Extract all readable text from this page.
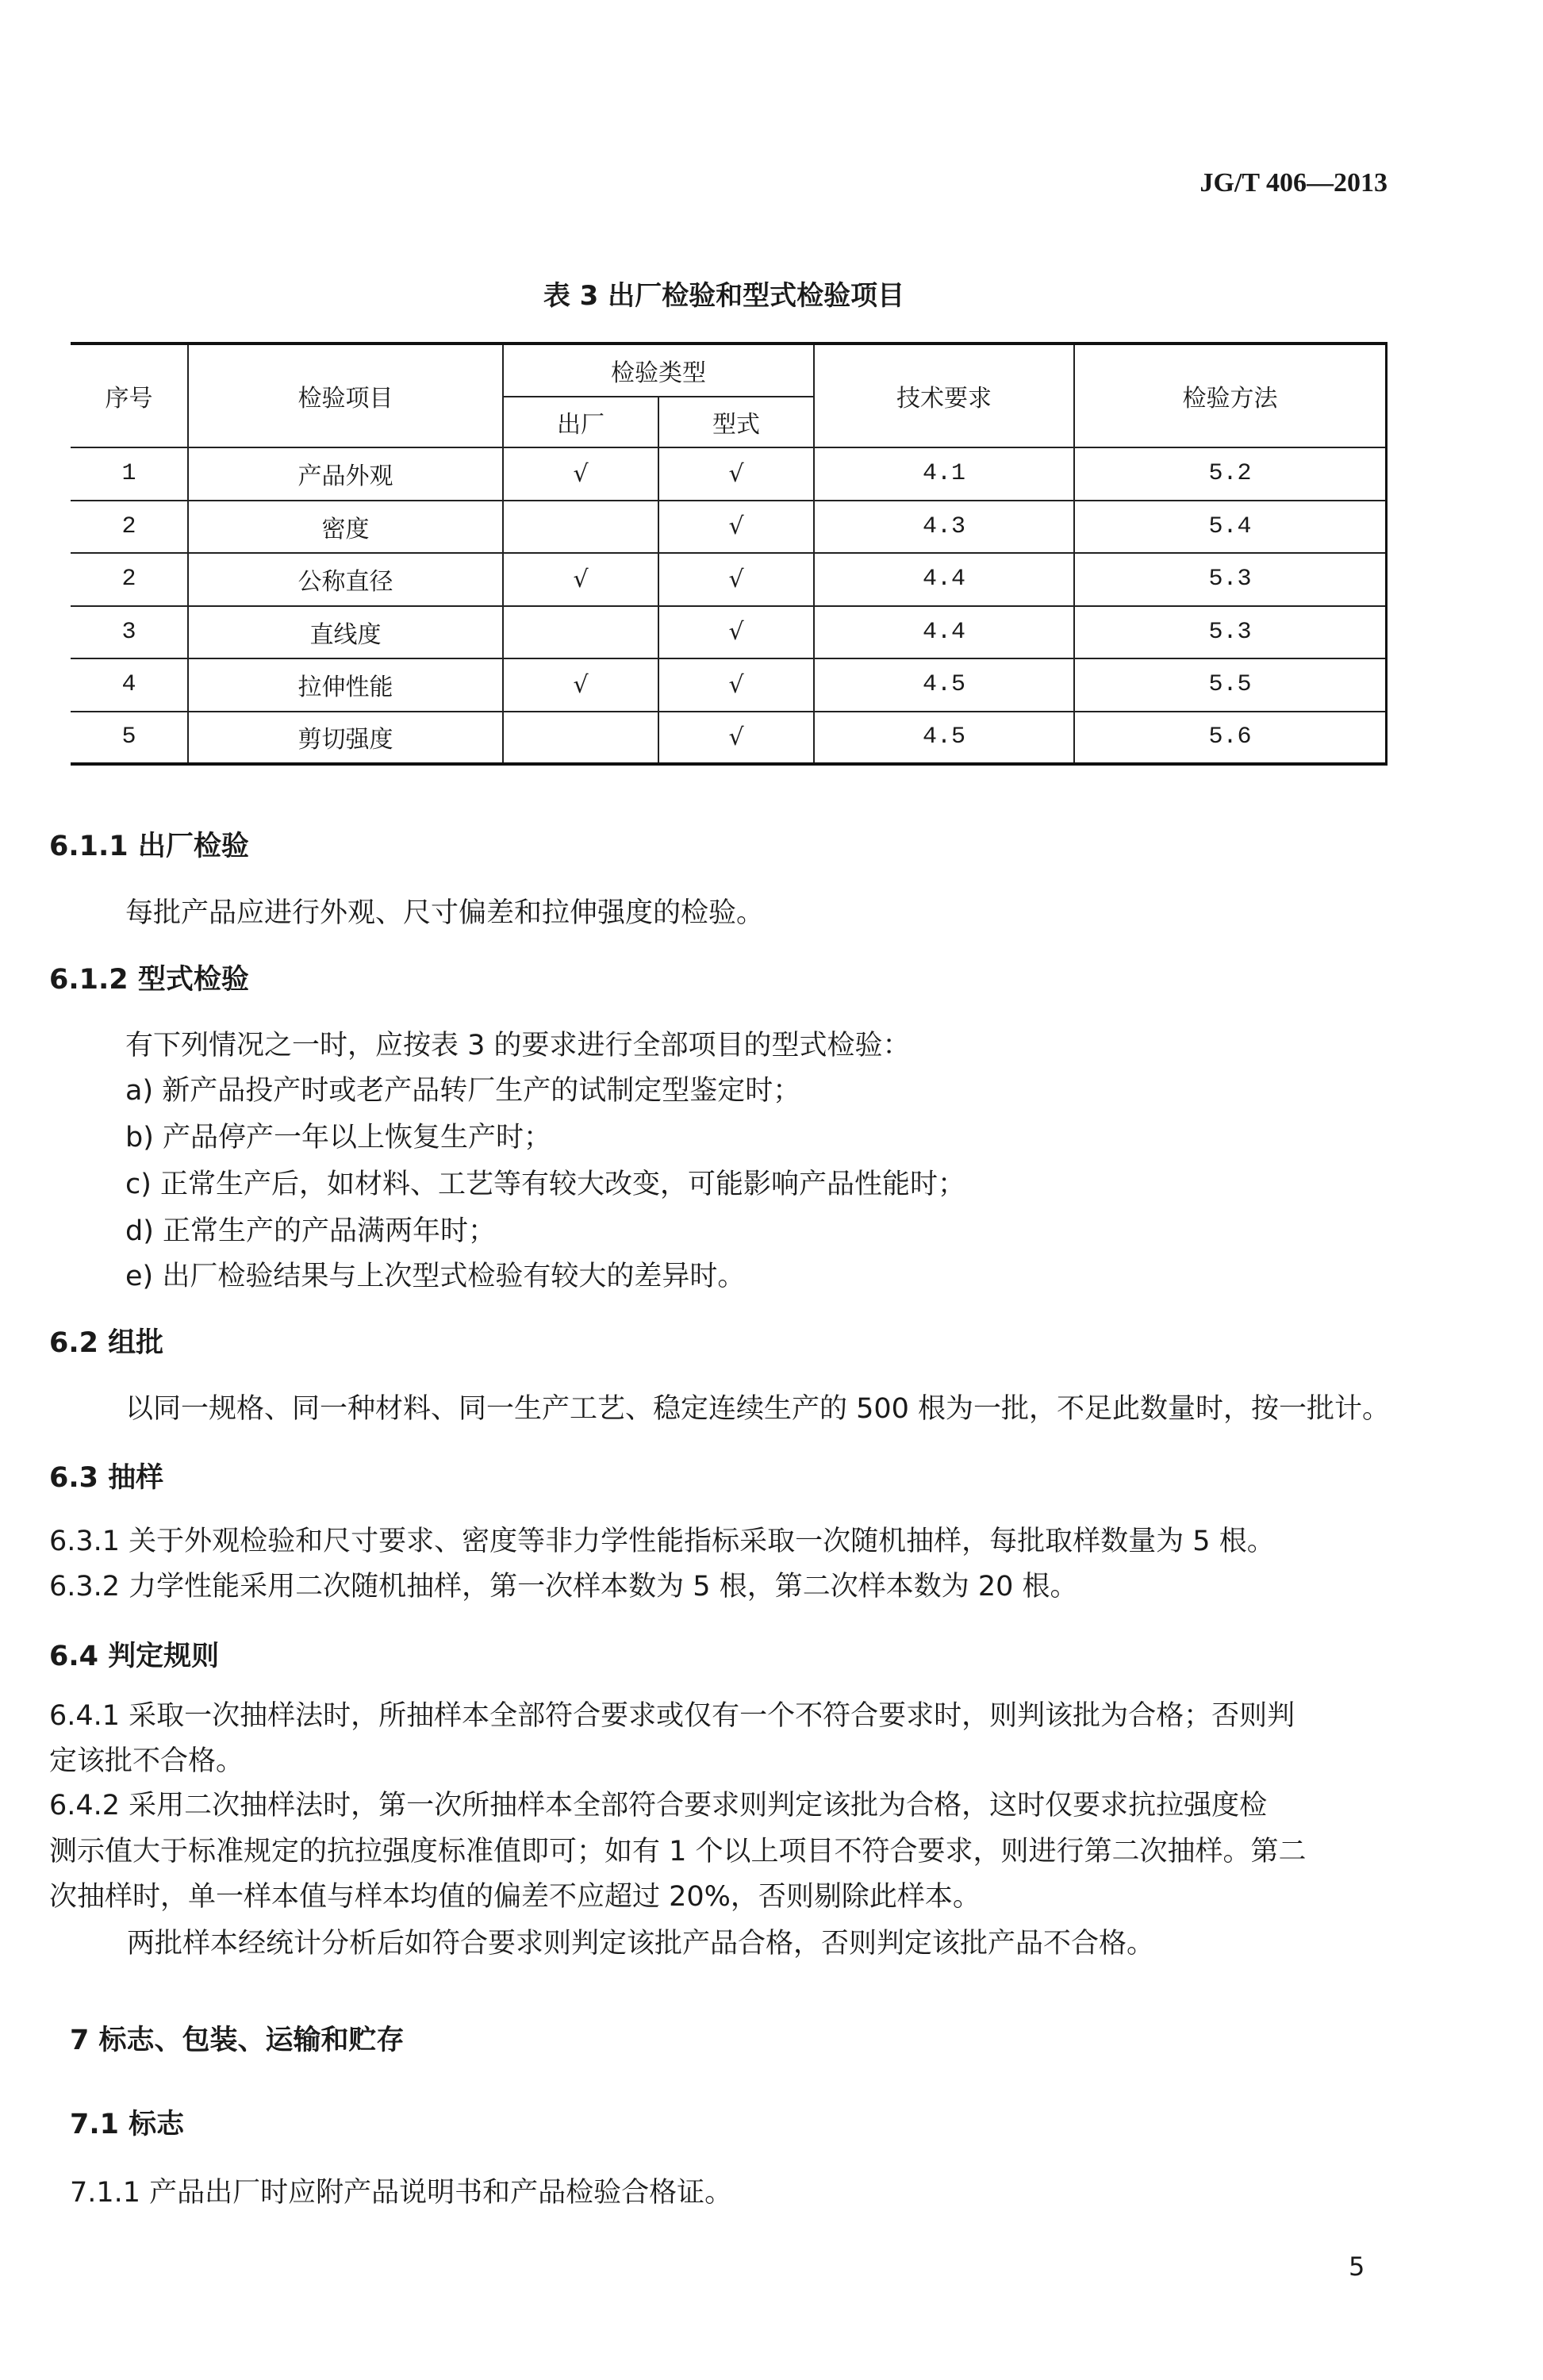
JG/T 406—2013
表 3 出厂检验和型式检验项目
序号	检验项目	检验类型		技术要求	检验方法
		出厂	型式		
1	产品外观	√	√	4.1	5.2
2	密度		√	4.3	5.4
2	公称直径	√	√	4.4	5.3
3	直线度		√	4.4	5.3
4	拉伸性能	√	√	4.5	5.5
5	剪切强度		√	4.5	5.6
6.1.1 出厂检验
每批产品应进行外观、尺寸偏差和拉伸强度的检验。
6.1.2 型式检验
有下列情况之一时，应按表 3 的要求进行全部项目的型式检验：
a) 新产品投产时或老产品转厂生产的试制定型鉴定时；
b) 产品停产一年以上恢复生产时；
c) 正常生产后，如材料、工艺等有较大改变，可能影响产品性能时；
d) 正常生产的产品满两年时；
e) 出厂检验结果与上次型式检验有较大的差异时。
6.2 组批
以同一规格、同一种材料、同一生产工艺、稳定连续生产的 500 根为一批，不足此数量时，按一批计。
6.3 抽样
6.3.1 关于外观检验和尺寸要求、密度等非力学性能指标采取一次随机抽样，每批取样数量为 5 根。
6.3.2 力学性能采用二次随机抽样，第一次样本数为 5 根，第二次样本数为 20 根。
6.4 判定规则
6.4.1 采取一次抽样法时，所抽样本全部符合要求或仅有一个不符合要求时，则判该批为合格；否则判
定该批不合格。
6.4.2 采用二次抽样法时，第一次所抽样本全部符合要求则判定该批为合格，这时仅要求抗拉强度检
测示值大于标准规定的抗拉强度标准值即可；如有 1 个以上项目不符合要求，则进行第二次抽样。第二
次抽样时，单一样本值与样本均值的偏差不应超过 20%，否则剔除此样本。
两批样本经统计分析后如符合要求则判定该批产品合格，否则判定该批产品不合格。
7 标志、包装、运输和贮存
7.1 标志
7.1.1 产品出厂时应附产品说明书和产品检验合格证。
5
